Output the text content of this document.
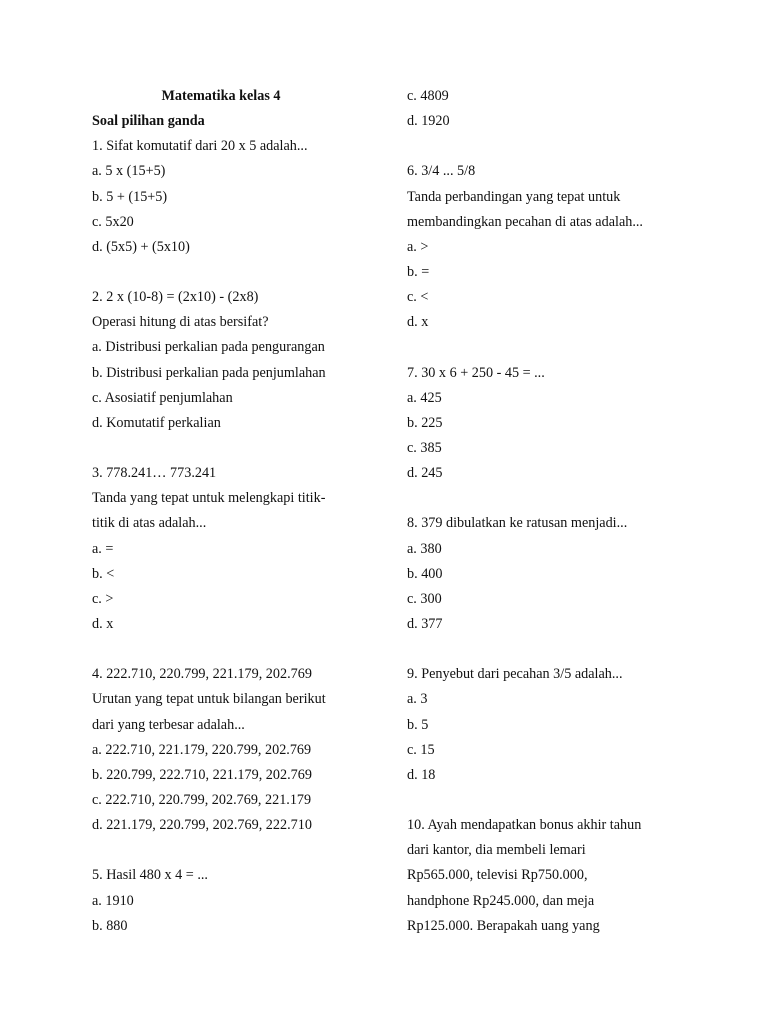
Matematika kelas 4
Soal pilihan ganda
1. Sifat komutatif dari 20 x 5 adalah...
a. 5 x (15+5)
b. 5 + (15+5)
c. 5x20
d. (5x5) + (5x10)
2. 2 x (10-8) = (2x10) - (2x8)
Operasi hitung di atas bersifat?
a. Distribusi perkalian pada pengurangan
b. Distribusi perkalian pada penjumlahan
c. Asosiatif penjumlahan
d. Komutatif perkalian
3. 778.241… 773.241
Tanda yang tepat untuk melengkapi titik-
titik di atas adalah...
a. =
b. <
c. >
d. x
4. 222.710, 220.799, 221.179, 202.769
Urutan yang tepat untuk bilangan berikut
dari yang terbesar adalah...
a. 222.710, 221.179, 220.799, 202.769
b. 220.799, 222.710, 221.179, 202.769
c. 222.710, 220.799, 202.769, 221.179
d. 221.179, 220.799, 202.769, 222.710
5. Hasil 480 x 4 = ...
a. 1910
b. 880
c. 4809
d. 1920
6. 3/4 ... 5/8
Tanda perbandingan yang tepat untuk
membandingkan pecahan di atas adalah...
a. >
b. =
c. <
d. x
7. 30 x 6 + 250 - 45 = ...
a. 425
b. 225
c. 385
d. 245
8. 379 dibulatkan ke ratusan menjadi...
a. 380
b. 400
c. 300
d. 377
9. Penyebut dari pecahan 3/5 adalah...
a. 3
b. 5
c. 15
d. 18
10. Ayah mendapatkan bonus akhir tahun
dari kantor, dia membeli lemari
Rp565.000, televisi Rp750.000,
handphone Rp245.000, dan meja
Rp125.000. Berapakah uang yang
